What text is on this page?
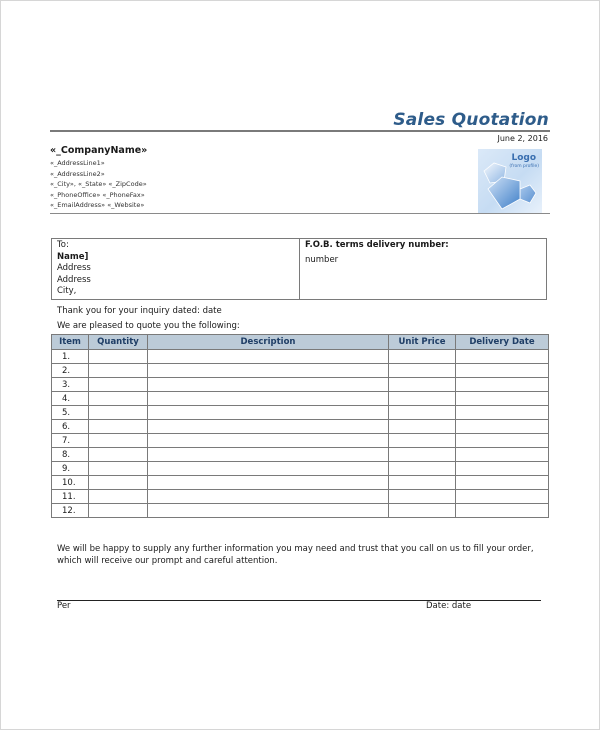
Sales Quotation
June 2, 2016
«_CompanyName»
«_AddressLine1»
«_AddressLine2»
«_City», «_State» «_ZipCode»
«_PhoneOffice» «_PhoneFax»
«_EmailAddress» «_Website»
Logo
(from profile)
To:
Name]
Address
Address
City,
F.O.B. terms delivery number:
number
Thank you for your inquiry dated: date
We are pleased to quote you the following:
Item	Quantity	Description	Unit Price	Delivery Date
1.				
2.				
3.				
4.				
5.				
6.				
7.				
8.				
9.				
10.				
11.				
12.				
We will be happy to supply any further information you may need and trust that you call on us to fill your order, which will receive our prompt and careful attention.
Per	Date: date
